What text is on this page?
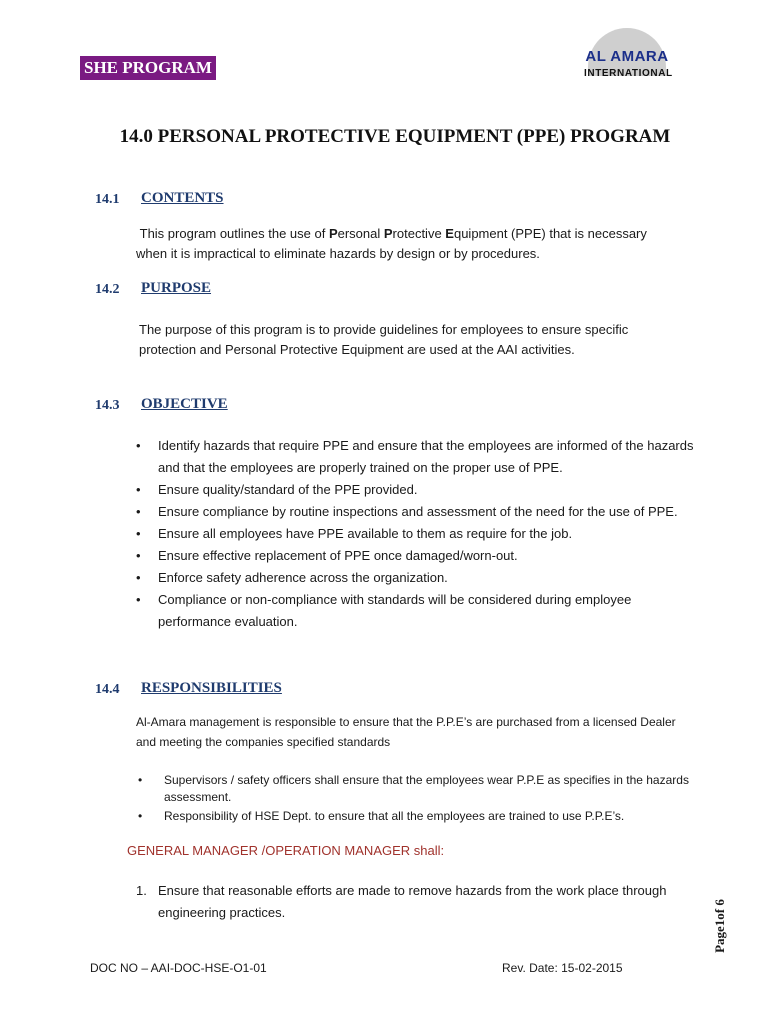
SHE PROGRAM
AL AMARA
INTERNATIONAL
14.0 PERSONAL PROTECTIVE EQUIPMENT (PPE) PROGRAM
14.1 CONTENTS
This program outlines the use of Personal Protective Equipment (PPE) that is necessary when it is impractical to eliminate hazards by design or by procedures.
14.2 PURPOSE
The purpose of this program is to provide guidelines for employees to ensure specific protection and Personal Protective Equipment are used at the AAI activities.
14.3 OBJECTIVE
• Identify hazards that require PPE and ensure that the employees are informed of the hazards and that the employees are properly trained on the proper use of PPE.
• Ensure quality/standard of the PPE provided.
• Ensure compliance by routine inspections and assessment of the need for the use of PPE.
• Ensure all employees have PPE available to them as require for the job.
• Ensure effective replacement of PPE once damaged/worn-out.
• Enforce safety adherence across the organization.
• Compliance or non-compliance with standards will be considered during employee performance evaluation.
14.4 RESPONSIBILITIES
Al-Amara management is responsible to ensure that the P.P.E’s are purchased from a licensed Dealer and meeting the companies specified standards
• Supervisors / safety officers shall ensure that the employees wear P.P.E as specifies in the hazards assessment.
• Responsibility of HSE Dept. to ensure that all the employees are trained to use P.P.E’s.
GENERAL MANAGER /OPERATION MANAGER shall:
1. Ensure that reasonable efforts are made to remove hazards from the work place through engineering practices.	Page1of 6
DOC NO – AAI-DOC-HSE-O1-01	Rev. Date: 15-02-2015
